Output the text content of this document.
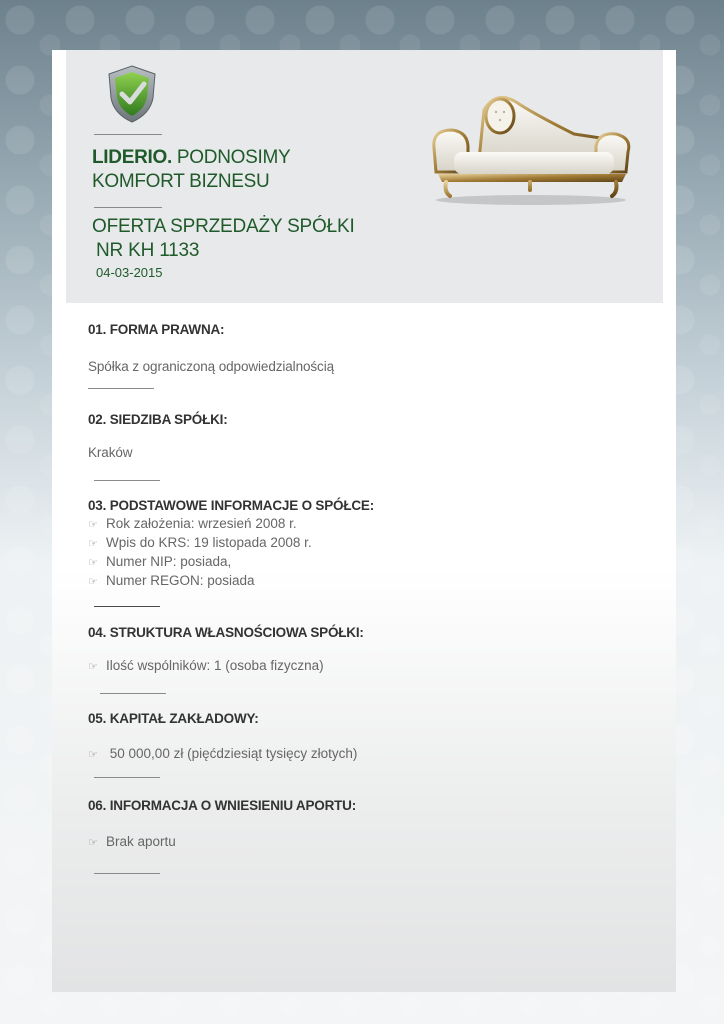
LIDERIO. PODNOSIMY
KOMFORT BIZNESU
OFERTA SPRZEDAŻY SPÓŁKI
NR KH 1133
04-03-2015
01. FORMA PRAWNA:
Spółka z ograniczoną odpowiedzialnością
02. SIEDZIBA SPÓŁKI:
Kraków
03. PODSTAWOWE INFORMACJE O SPÓŁCE:
☞ Rok założenia: wrzesień 2008 r.
☞ Wpis do KRS: 19 listopada 2008 r.
☞ Numer NIP: posiada,
☞ Numer REGON: posiada
04. STRUKTURA WŁASNOŚCIOWA SPÓŁKI:
☞ Ilość wspólników: 1 (osoba fizyczna)
05. KAPITAŁ ZAKŁADOWY:
☞ 50 000,00 zł (pięćdziesiąt tysięcy złotych)
06. INFORMACJA O WNIESIENIU APORTU:
☞ Brak aportu
